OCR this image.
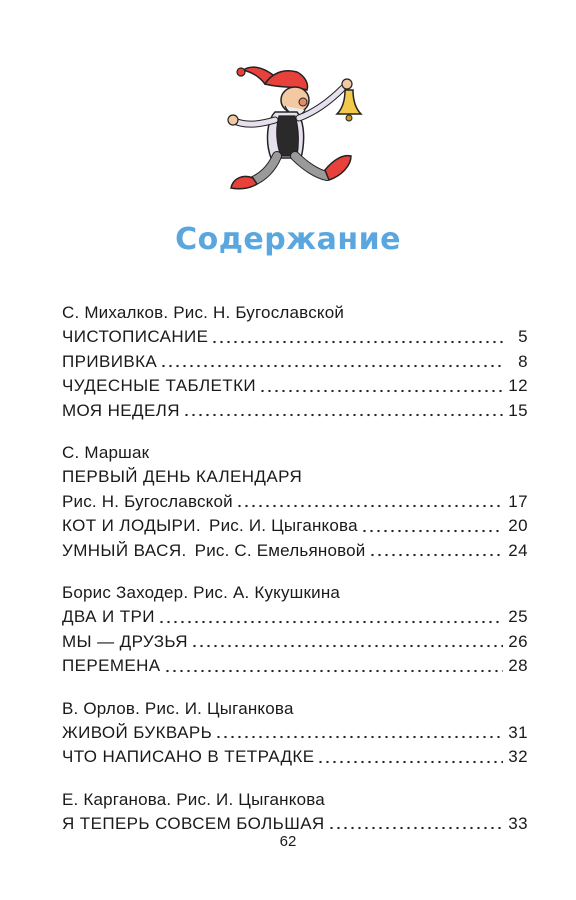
Содержание
С. Михалков. Рис. Н. Бугославской
ЧИСТОПИСАНИЕ	5
ПРИВИВКА	8
ЧУДЕСНЫЕ ТАБЛЕТКИ	12
МОЯ НЕДЕЛЯ	15
С. Маршак
ПЕРВЫЙ ДЕНЬ КАЛЕНДАРЯ
Рис. Н. Бугославской	17
КОТ И ЛОДЫРИ. Рис. И. Цыганкова	20
УМНЫЙ ВАСЯ. Рис. С. Емельяновой	24
Борис Заходер. Рис. А. Кукушкина
ДВА И ТРИ	25
МЫ — ДРУЗЬЯ	26
ПЕРЕМЕНА	28
В. Орлов. Рис. И. Цыганкова
ЖИВОЙ БУКВАРЬ	31
ЧТО НАПИСАНО В ТЕТРАДКЕ	32
Е. Карганова. Рис. И. Цыганкова
Я ТЕПЕРЬ СОВСЕМ БОЛЬШАЯ	33
62
